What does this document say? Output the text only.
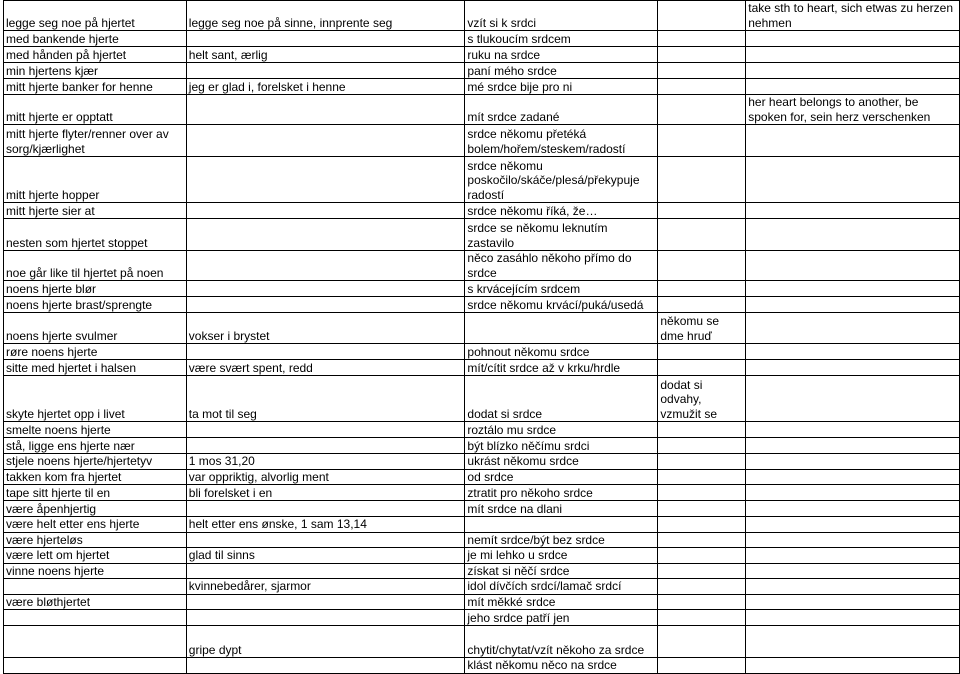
legge seg noe på hjertet	legge seg noe på sinne, innprente seg	vzít si k srdci		take sth to heart, sich etwas zu herzen nehmen
med bankende hjerte		s tlukoucím srdcem		
med hånden på hjertet	helt sant, ærlig	ruku na srdce		
min hjertens kjær		paní mého srdce		
mitt hjerte banker for henne	jeg er glad i, forelsket i henne	mé srdce bije pro ni		
mitt hjerte er opptatt		mít srdce zadané		her heart belongs to another, be spoken for, sein herz verschenken
mitt hjerte flyter/renner over av sorg/kjærlighet		srdce někomu přetéká bolem/hořem/steskem/radostí		
mitt hjerte hopper		srdce někomu poskočilo/skáče/plesá/překypuje radostí		
mitt hjerte sier at		srdce někomu říká, že…		
nesten som hjertet stoppet		srdce se někomu leknutím zastavilo		
noe går like til hjertet på noen		něco zasáhlo někoho přímo do srdce		
noens hjerte blør		s krvácejícím srdcem		
noens hjerte brast/sprengte		srdce někomu krvácí/puká/usedá		
noens hjerte svulmer	vokser i brystet		někomu se dme hruď	
røre noens hjerte		pohnout někomu srdce		
sitte med hjertet i halsen	være svært spent, redd	mít/cítit srdce až v krku/hrdle		
skyte hjertet opp i livet	ta mot til seg	dodat si srdce	dodat si odvahy, vzmužit se	
smelte noens hjerte		roztálo mu srdce		
stå, ligge ens hjerte nær		být blízko něčímu srdci		
stjele noens hjerte/hjertetyv	1 mos 31,20	ukrást někomu srdce		
takken kom fra hjertet	var oppriktig, alvorlig ment	od srdce		
tape sitt hjerte til en	bli forelsket i en	ztratit pro někoho srdce		
være åpenhjertig		mít srdce na dlani		
være helt etter ens hjerte	helt etter ens ønske, 1 sam 13,14			
være hjerteløs		nemít srdce/být bez srdce		
være lett om hjertet	glad til sinns	je mi lehko u srdce		
vinne noens hjerte		získat si něčí srdce		
	kvinnebedårer, sjarmor	idol dívčích srdcí/lamač srdcí		
være bløthjertet		mít měkké srdce		
		jeho srdce patří jen		
	gripe dypt	chytit/chytat/vzít někoho za srdce		
		klást někomu něco na srdce		
